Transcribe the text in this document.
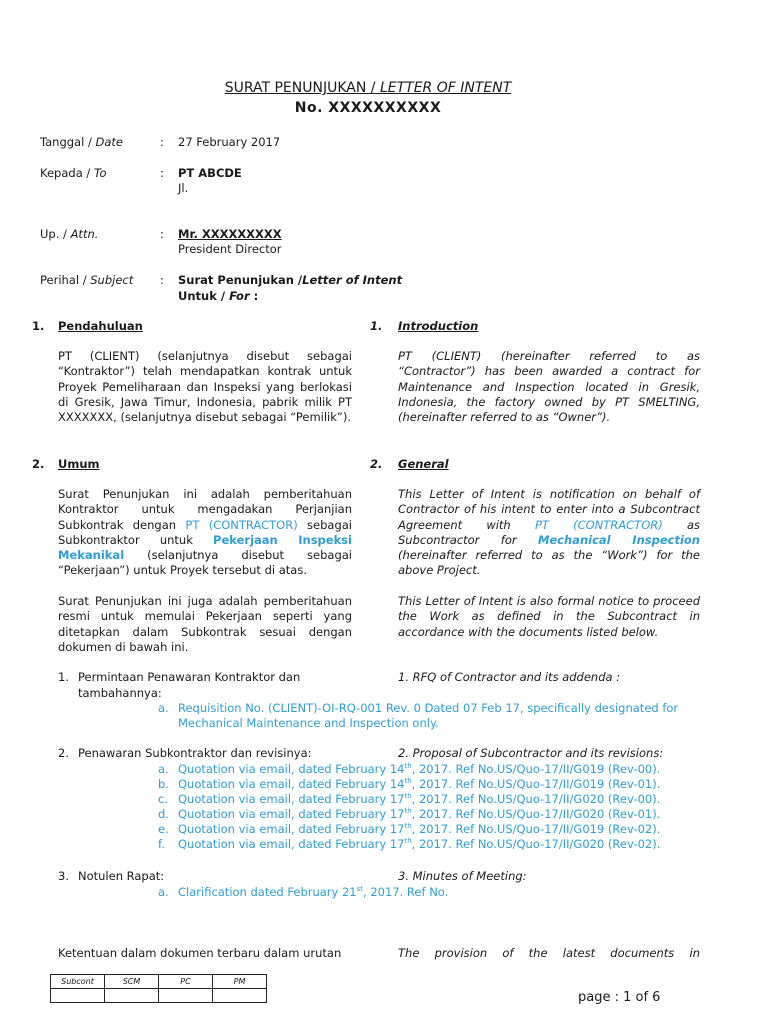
SURAT PENUNJUKAN / LETTER OF INTENT
No. XXXXXXXXXX
Tanggal / Date	: 27 February 2017
Kepada / To	: PT ABCDE
Jl.
Up. / Attn.	: Mr. XXXXXXXXX
President Director
Perihal / Subject : Surat Penunjukan /Letter of Intent
Untuk / For :
1. Pendahuluan	1. Introduction
PT (CLIENT) (selanjutnya disebut sebagai “Kontraktor”) telah mendapatkan kontrak untuk Proyek Pemeliharaan dan Inspeksi yang berlokasi di Gresik, Jawa Timur, Indonesia, pabrik milik PT XXXXXXX, (selanjutnya disebut sebagai “Pemilik”).
PT (CLIENT) (hereinafter referred to as “Contractor”) has been awarded a contract for Maintenance and Inspection located in Gresik, Indonesia, the factory owned by PT SMELTING, (hereinafter referred to as “Owner”).
2. Umum	2. General
Surat Penunjukan ini adalah pemberitahuan Kontraktor untuk mengadakan Perjanjian Subkontrak dengan PT (CONTRACTOR) sebagai Subkontraktor untuk Pekerjaan Inspeksi Mekanikal (selanjutnya disebut sebagai “Pekerjaan”) untuk Proyek tersebut di atas.
This Letter of Intent is notification on behalf of Contractor of his intent to enter into a Subcontract Agreement with PT (CONTRACTOR) as Subcontractor for Mechanical Inspection (hereinafter referred to as the “Work”) for the above Project.
Surat Penunjukan ini juga adalah pemberitahuan resmi untuk memulai Pekerjaan seperti yang ditetapkan dalam Subkontrak sesuai dengan dokumen di bawah ini.
This Letter of Intent is also formal notice to proceed the Work as defined in the Subcontract in accordance with the documents listed below.
1. Permintaan Penawaran Kontraktor dan
tambahannya:
1. RFQ of Contractor and its addenda :
a. Requisition No. (CLIENT)-OI-RQ-001 Rev. 0 Dated 07 Feb 17, specifically designated for
Mechanical Maintenance and Inspection only.
2. Penawaran Subkontraktor dan revisinya:	2. Proposal of Subcontractor and its revisions:
a. Quotation via email, dated February 14th, 2017. Ref No.US/Quo-17/II/G019 (Rev-00).
b. Quotation via email, dated February 14th, 2017. Ref No.US/Quo-17/II/G019 (Rev-01).
c. Quotation via email, dated February 17th, 2017. Ref No.US/Quo-17/II/G020 (Rev-00).
d. Quotation via email, dated February 17th, 2017. Ref No.US/Quo-17/II/G020 (Rev-01).
e. Quotation via email, dated February 17th, 2017. Ref No.US/Quo-17/II/G019 (Rev-02).
f. Quotation via email, dated February 17th, 2017. Ref No.US/Quo-17/II/G020 (Rev-02).
3. Notulen Rapat:	3. Minutes of Meeting:
a. Clarification dated February 21st, 2017. Ref No.
Ketentuan dalam dokumen terbaru dalam urutan	The provision of the latest documents in
Subcont	SCM	PC	PM

page : 1 of 6
